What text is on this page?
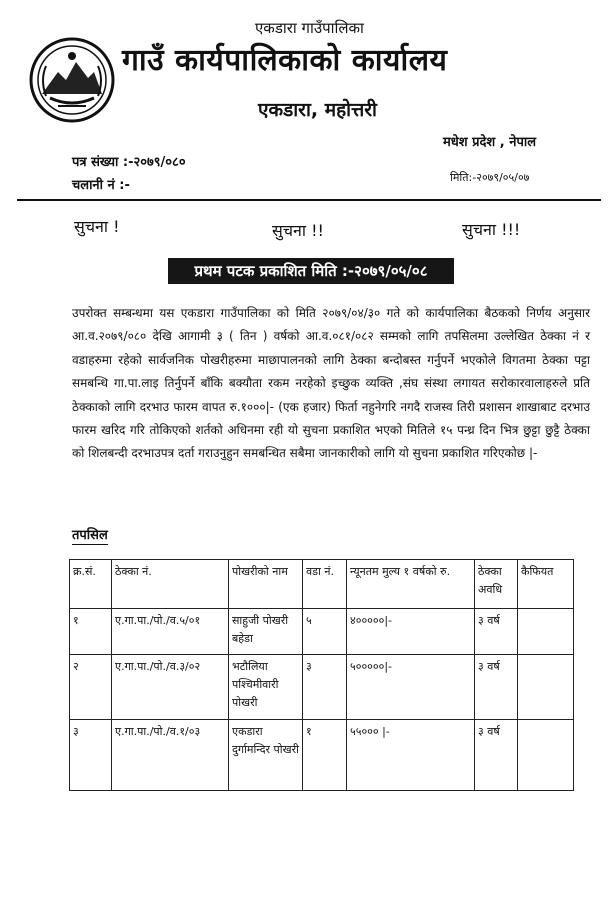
एकडारा गाउँपालिका
गाउँ कार्यपालिकाको कार्यालय
एकडारा, महोत्तरी
मधेश प्रदेश , नेपाल
पत्र संख्या :-२०७९/०८०
चलानी नं :-
मिति:-२०७९/०५/०७
सुचना !	सुचना !!	सुचना !!!
प्रथम पटक प्रकाशित मिति :-२०७९/०५/०८
उपरोक्त सम्बन्धमा यस एकडारा गाउँपालिका को मिति २०७९/०४/३० गते को कार्यपालिका बैठकको निर्णय अनुसार आ.व.२०७९/०८० देखि आगामी ३ ( तिन ) वर्षको आ.व.०८१/०८२ सम्मको लागि तपसिलमा उल्लेखित ठेक्का नं र वडाहरुमा रहेको सार्वजनिक पोखरीहरुमा माछापालनको लागि ठेक्का बन्दोबस्त गर्नुपर्ने भएकोले विगतमा ठेक्का पट्टा समबन्धि गा.पा.लाइ तिर्नुपर्ने बाँकि बक्यौता रकम नरहेको इच्छुक व्यक्ति ,संघ संस्था लगायत सरोकारवालाहरुले प्रति ठेक्काको लागि दरभाउ फारम वापत रु.१०००|- (एक हजार) फिर्ता नहुनेगरि नगदै राजस्व तिरी प्रशासन शाखाबाट दरभाउ फारम खरिद गरि तोकिएको शर्तको अधिनमा रही यो सुचना प्रकाशित भएको मितिले १५ पन्ध्र दिन भित्र छुट्टा छुट्टै ठेक्का को शिलबन्दी दरभाउपत्र दर्ता गराउनुहुन समबन्धित सबैमा जानकारीको लागि यो सुचना प्रकाशित गरिएकोछ |-
तपसिल
क्र.सं.	ठेक्का नं.	पोखरीको नाम	वडा नं.	न्यूनतम मुल्य १ वर्षको रु.	ठेक्का अवधि	कैफियत
१	ए.गा.पा./पो./व.५/०१	साहुजी पोखरी बहेडा	५	४०००००|-	३ वर्ष	
२	ए.गा.पा./पो./व.३/०२	भटौलिया पश्चिमीवारी पोखरी	३	५०००००|-	३ वर्ष	
३	ए.गा.पा./पो./व.१/०३	एकडारा दुर्गामन्दिर पोखरी	१	५५००० |-	३ वर्ष	
